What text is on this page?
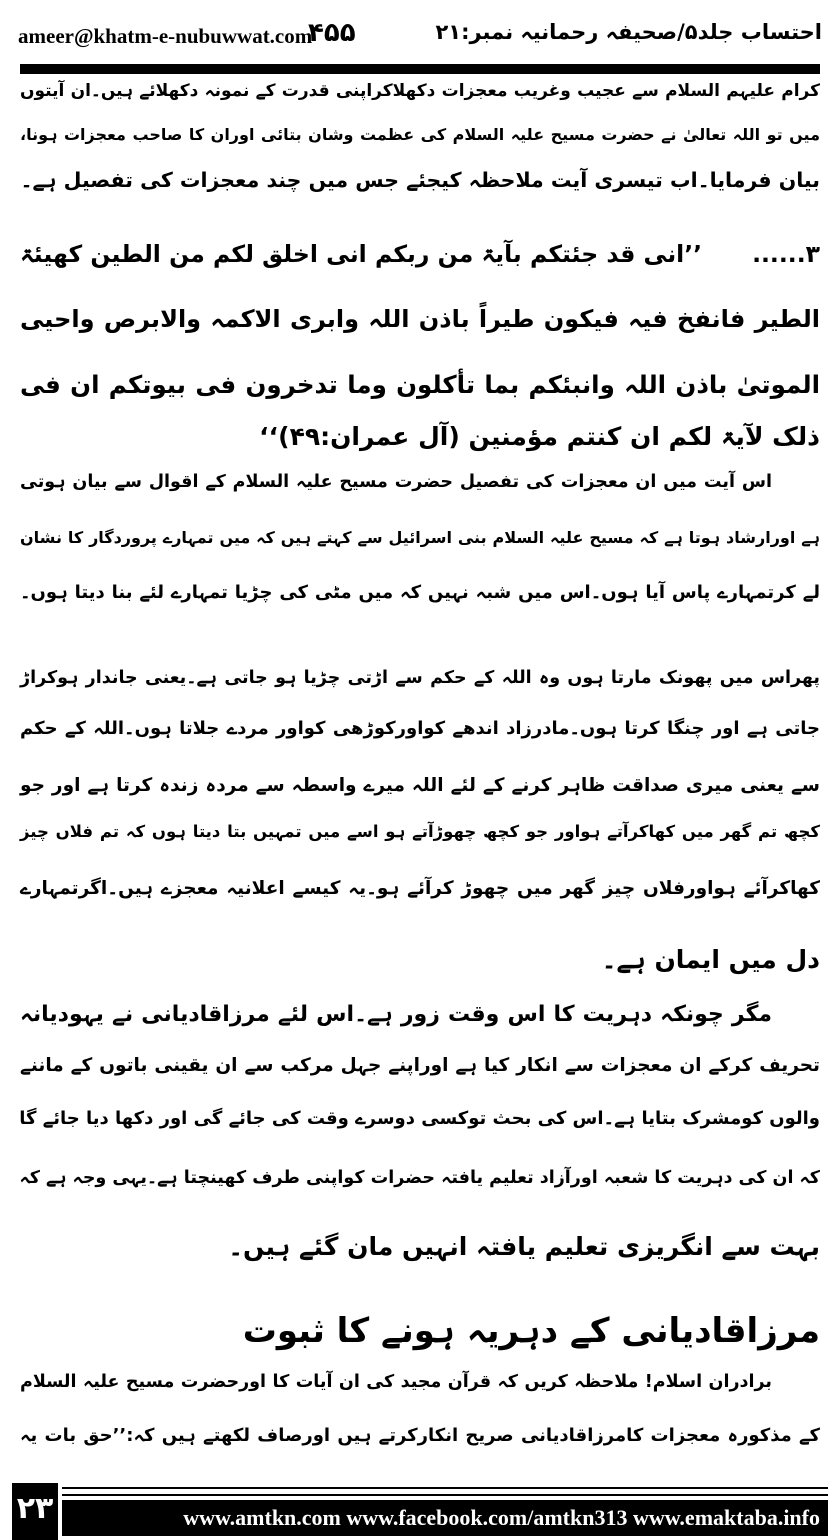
ameer@khatm-e-nubuwwat.com
۴۵۵	احتساب جلد۵/صحیفہ رحمانیہ نمبر:۲۱
کرام علیہم السلام سے عجیب وغریب معجزات دکھلاکراپنی قدرت کے نمونہ دکھلائے ہیں۔ان آیتوں
میں تو اللہ تعالیٰ نے حضرت مسیح علیہ السلام کی عظمت وشان بتائی اوران کا صاحب معجزات ہونا،
بیان فرمایا۔اب تیسری آیت ملاحظہ کیجئے جس میں چند معجزات کی تفصیل ہے۔
۳......’’انی قد جئتکم بآیۃ من ربکم انی اخلق لکم من الطین کھیئۃ
الطیر فانفخ فیہ فیکون طیراً باذن اللہ وابری الاکمہ والابرص واحیی
الموتیٰ باذن اللہ وانبئکم بما تأکلون وما تدخرون فی بیوتکم ان فی
ذلک لآیۃ لکم ان کنتم مؤمنین (آل عمران:۴۹)‘‘
اس آیت میں ان معجزات کی تفصیل حضرت مسیح علیہ السلام کے اقوال سے بیان ہوتی
ہے اورارشاد ہوتا ہے کہ مسیح علیہ السلام بنی اسرائیل سے کہتے ہیں کہ میں تمہارے پروردگار کا نشان
لے کرتمہارے پاس آیا ہوں۔اس میں شبہ نہیں کہ میں مٹی کی چڑیا تمہارے لئے بنا دیتا ہوں۔
پھراس میں پھونک مارتا ہوں وہ اللہ کے حکم سے اڑتی چڑیا ہو جاتی ہے۔یعنی جاندار ہوکراڑ
جاتی ہے اور چنگا کرتا ہوں۔مادرزاد اندھے کواورکوڑھی کواور مردے جلاتا ہوں۔اللہ کے حکم
سے یعنی میری صداقت ظاہر کرنے کے لئے اللہ میرے واسطہ سے مردہ زندہ کرتا ہے اور جو
کچھ تم گھر میں کھاکرآتے ہواور جو کچھ چھوڑآتے ہو اسے میں تمہیں بتا دیتا ہوں کہ تم فلاں چیز
کھاکرآئے ہواورفلاں چیز گھر میں چھوڑ کرآئے ہو۔یہ کیسے اعلانیہ معجزے ہیں۔اگرتمہارے
دل میں ایمان ہے۔
مگر چونکہ دہریت کا اس وقت زور ہے۔اس لئے مرزاقادیانی نے یہودیانہ
تحریف کرکے ان معجزات سے انکار کیا ہے اوراپنے جہل مرکب سے ان یقینی باتوں کے ماننے
والوں کومشرک بتایا ہے۔اس کی بحث توکسی دوسرے وقت کی جائے گی اور دکھا دیا جائے گا
کہ ان کی دہریت کا شعبہ اورآزاد تعلیم یافتہ حضرات کواپنی طرف کھینچتا ہے۔یہی وجہ ہے کہ
بہت سے انگریزی تعلیم یافتہ انہیں مان گئے ہیں۔
مرزاقادیانی کے دہریہ ہونے کا ثبوت
برادران اسلام! ملاحظہ کریں کہ قرآن مجید کی ان آیات کا اورحضرت مسیح علیہ السلام
کے مذکورہ معجزات کامرزاقادیانی صریح انکارکرتے ہیں اورصاف لکھتے ہیں کہ:’’حق بات یہ
www.amtkn.com www.facebook.com/amtkn313 www.emaktaba.info
۲۳
